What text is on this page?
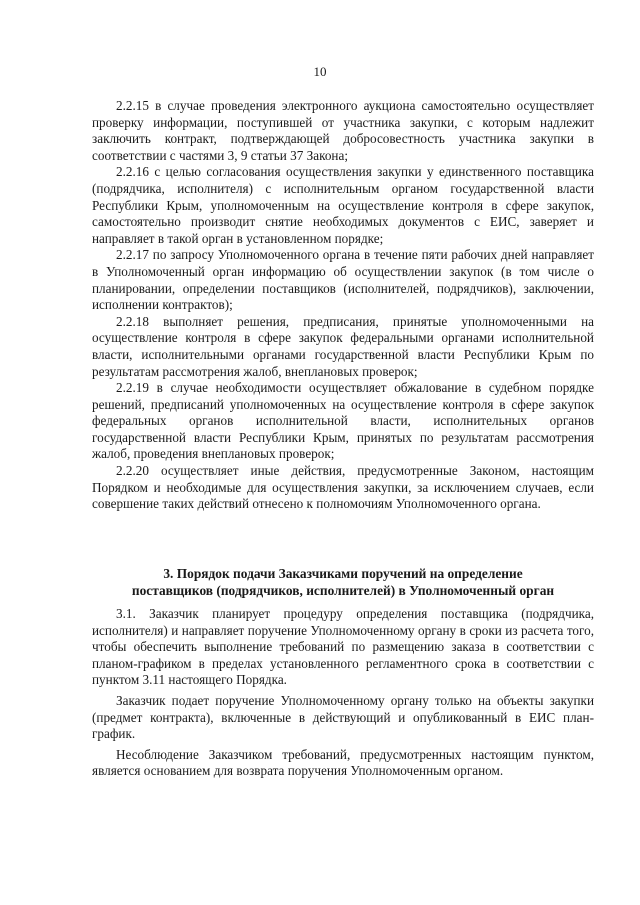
10

2.2.15 в случае проведения электронного аукциона самостоятельно осуществляет проверку информации, поступившей от участника закупки, с которым надлежит заключить контракт, подтверждающей добросовестность участника закупки в соответствии с частями 3, 9 статьи 37 Закона;

2.2.16 с целью согласования осуществления закупки у единственного поставщика (подрядчика, исполнителя) с исполнительным органом государственной власти Республики Крым, уполномоченным на осуществление контроля в сфере закупок, самостоятельно производит снятие необходимых документов с ЕИС, заверяет и направляет в такой орган в установленном порядке;

2.2.17 по запросу Уполномоченного органа в течение пяти рабочих дней направляет в Уполномоченный орган информацию об осуществлении закупок (в том числе о планировании, определении поставщиков (исполнителей, подрядчиков), заключении, исполнении контрактов);

2.2.18 выполняет решения, предписания, принятые уполномоченными на осуществление контроля в сфере закупок федеральными органами исполнительной власти, исполнительными органами государственной власти Республики Крым по результатам рассмотрения жалоб, внеплановых проверок;

2.2.19 в случае необходимости осуществляет обжалование в судебном порядке решений, предписаний уполномоченных на осуществление контроля в сфере закупок федеральных органов исполнительной власти, исполнительных органов государственной власти Республики Крым, принятых по результатам рассмотрения жалоб, проведения внеплановых проверок;

2.2.20 осуществляет иные действия, предусмотренные Законом, настоящим Порядком и необходимые для осуществления закупки, за исключением случаев, если совершение таких действий отнесено к полномочиям Уполномоченного органа.

3. Порядок подачи Заказчиками поручений на определение
поставщиков (подрядчиков, исполнителей) в Уполномоченный орган

3.1. Заказчик планирует процедуру определения поставщика (подрядчика, исполнителя) и направляет поручение Уполномоченному органу в сроки из расчета того, чтобы обеспечить выполнение требований по размещению заказа в соответствии с планом-графиком в пределах установленного регламентного срока в соответствии с пунктом 3.11 настоящего Порядка.

Заказчик подает поручение Уполномоченному органу только на объекты закупки (предмет контракта), включенные в действующий и опубликованный в ЕИС план-график.

Несоблюдение Заказчиком требований, предусмотренных настоящим пунктом, является основанием для возврата поручения Уполномоченным органом.
